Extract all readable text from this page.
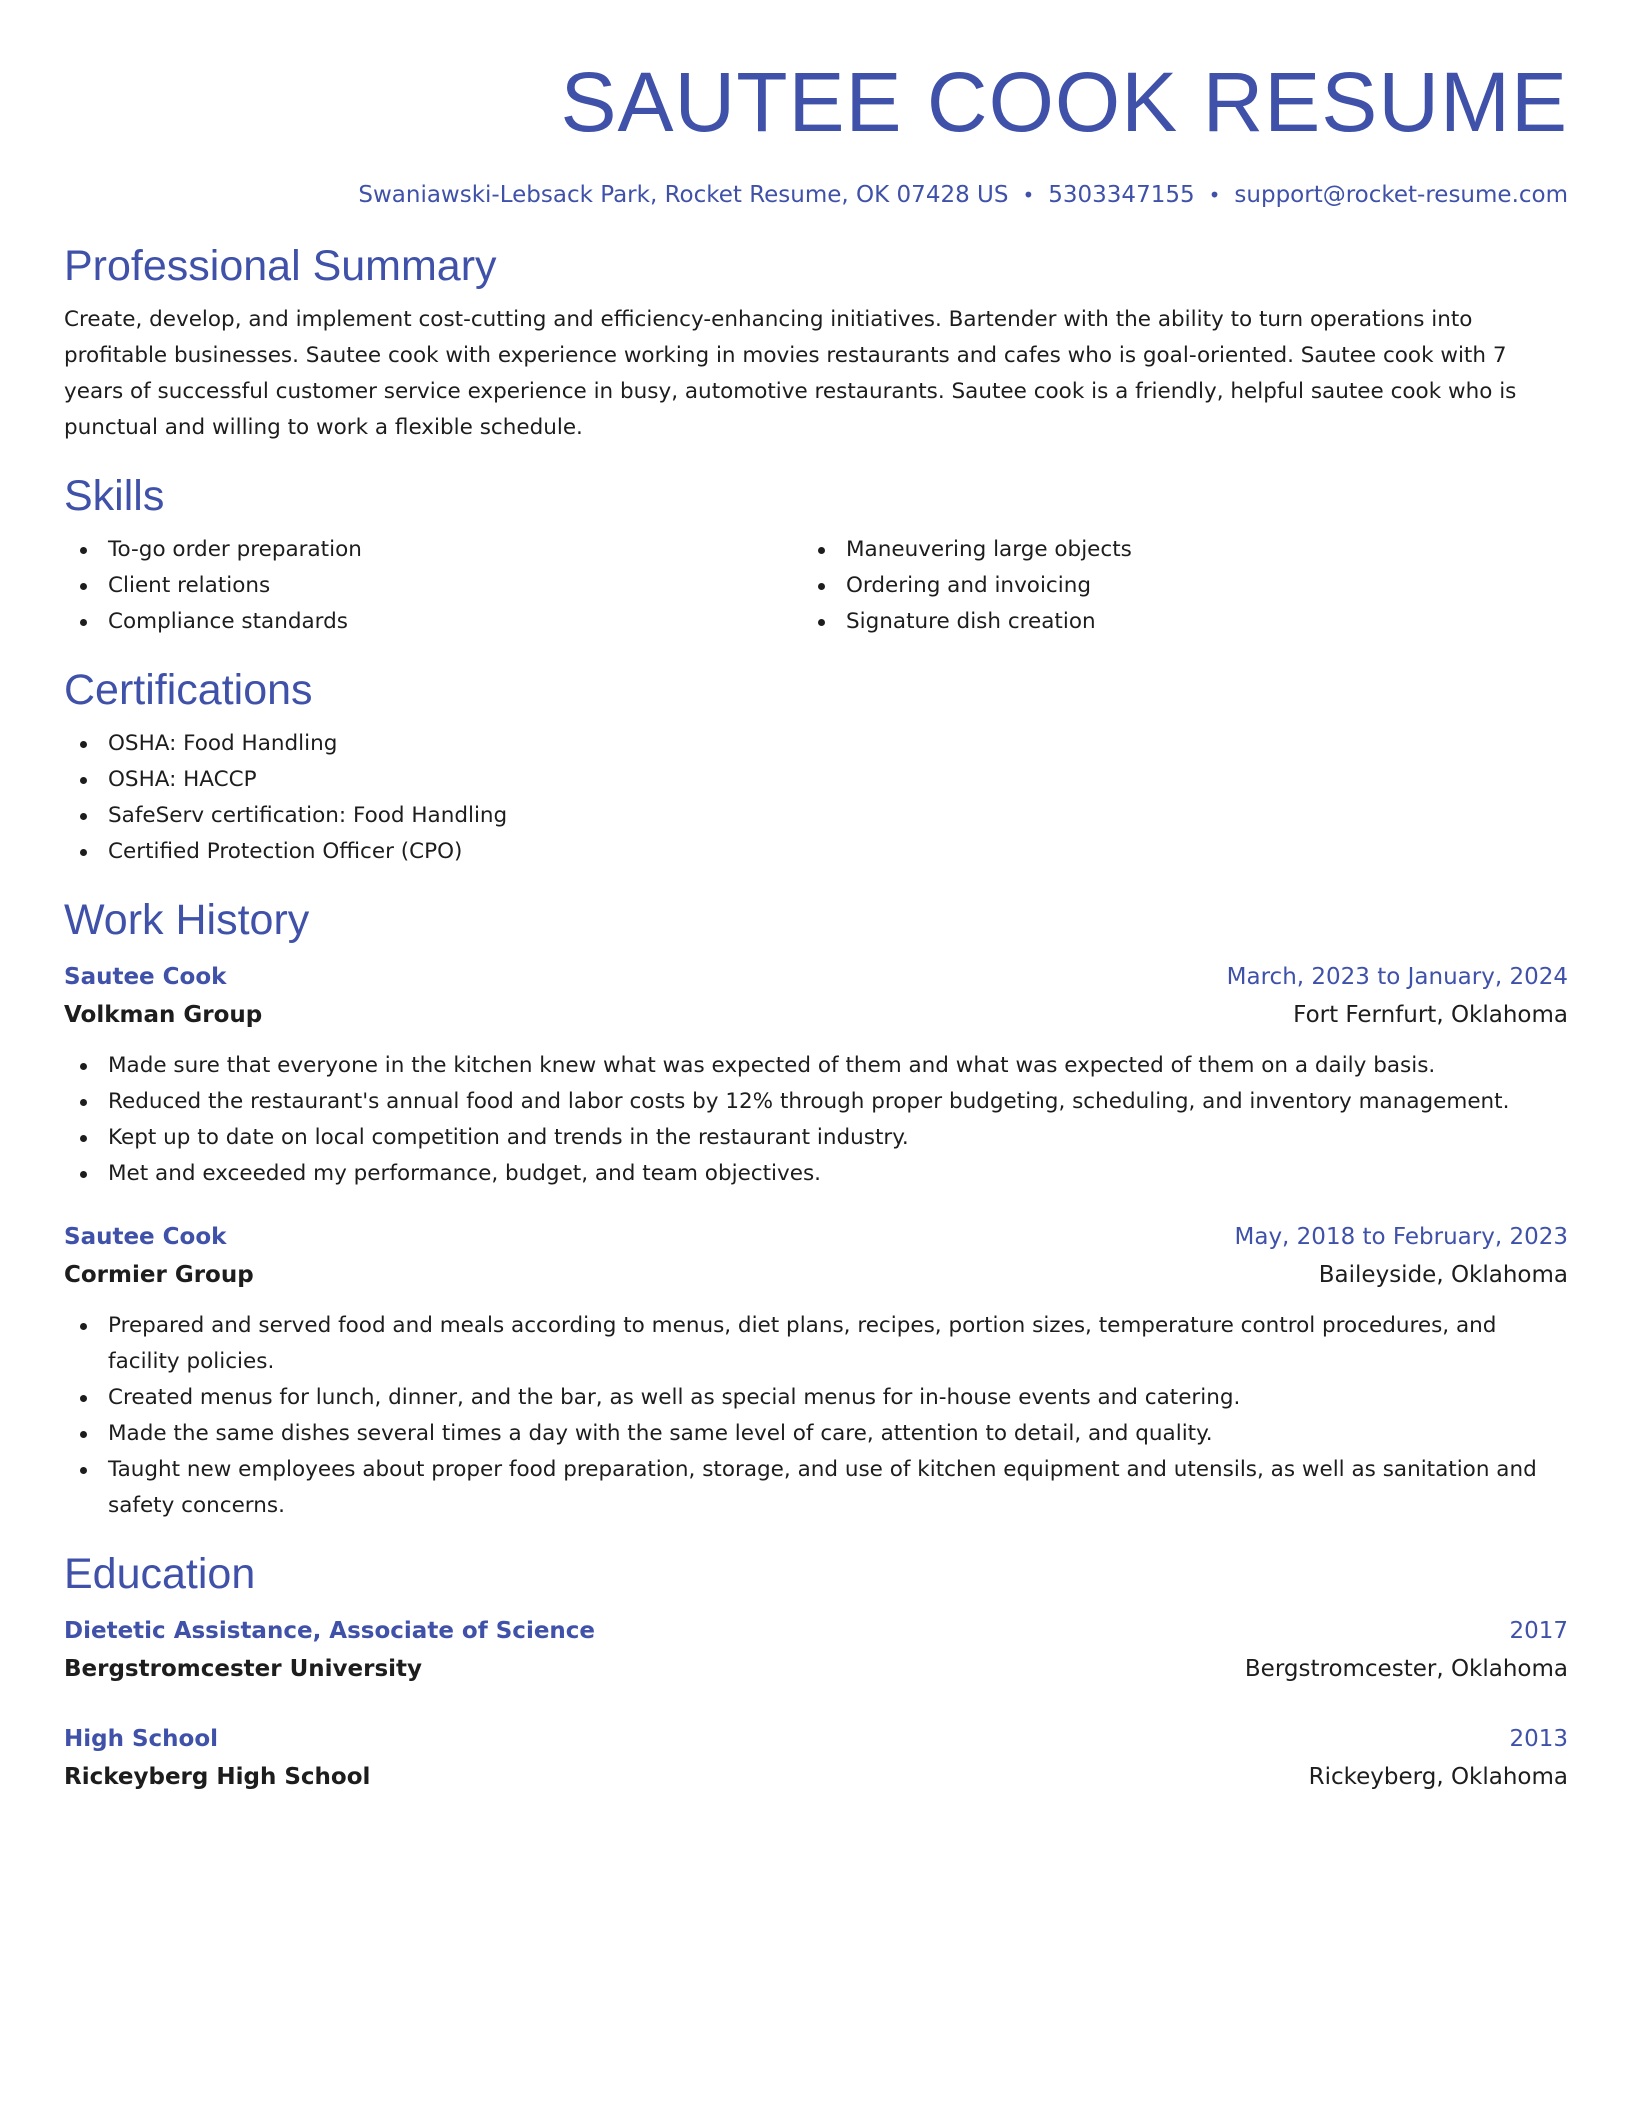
SAUTEE COOK RESUME
Swaniawski-Lebsack Park, Rocket Resume, OK 07428 US • 5303347155 • support@rocket-resume.com
Professional Summary

Create, develop, and implement cost-cutting and efficiency-enhancing initiatives. Bartender with the ability to turn operations into profitable businesses. Sautee cook with experience working in movies restaurants and cafes who is goal-oriented. Sautee cook with 7 years of successful customer service experience in busy, automotive restaurants. Sautee cook is a friendly, helpful sautee cook who is punctual and willing to work a flexible schedule.

Skills
To-go order preparation
Client relations
Compliance standards
Maneuvering large objects
Ordering and invoicing
Signature dish creation
Certifications
OSHA: Food Handling
OSHA: HACCP
SafeServ certification: Food Handling
Certified Protection Officer (CPO)
Work History
Sautee Cook	March, 2023 to January, 2024
Volkman Group	Fort Fernfurt, Oklahoma
Made sure that everyone in the kitchen knew what was expected of them and what was expected of them on a daily basis.
Reduced the restaurant's annual food and labor costs by 12% through proper budgeting, scheduling, and inventory management.
Kept up to date on local competition and trends in the restaurant industry.
Met and exceeded my performance, budget, and team objectives.
Sautee Cook	May, 2018 to February, 2023
Cormier Group	Baileyside, Oklahoma
Prepared and served food and meals according to menus, diet plans, recipes, portion sizes, temperature control procedures, and facility policies.
Created menus for lunch, dinner, and the bar, as well as special menus for in-house events and catering.
Made the same dishes several times a day with the same level of care, attention to detail, and quality.
Taught new employees about proper food preparation, storage, and use of kitchen equipment and utensils, as well as sanitation and safety concerns.
Education
Dietetic Assistance, Associate of Science	2017
Bergstromcester University	Bergstromcester, Oklahoma
High School	2013
Rickeyberg High School	Rickeyberg, Oklahoma
